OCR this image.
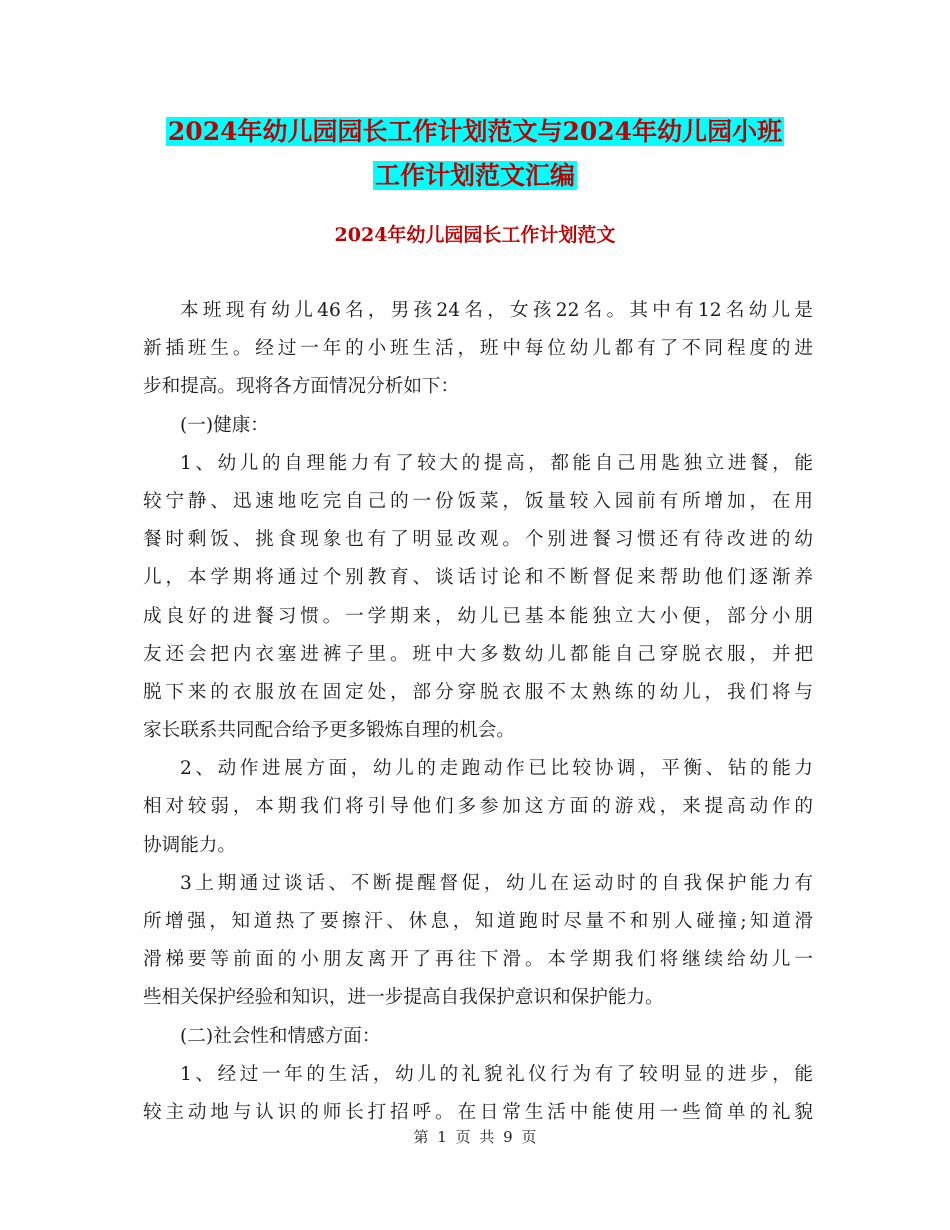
2024年幼儿园园长工作计划范文与2024年幼儿园小班
工作计划范文汇编
2024年幼儿园园长工作计划范文
本班现有幼儿46名，男孩24名，女孩22名。其中有12名幼儿是
新插班生。经过一年的小班生活，班中每位幼儿都有了不同程度的进
步和提高。现将各方面情况分析如下：
(一)健康：
1、幼儿的自理能力有了较大的提高，都能自己用匙独立进餐，能
较宁静、迅速地吃完自己的一份饭菜，饭量较入园前有所增加，在用
餐时剩饭、挑食现象也有了明显改观。个别进餐习惯还有待改进的幼
儿，本学期将通过个别教育、谈话讨论和不断督促来帮助他们逐渐养
成良好的进餐习惯。一学期来，幼儿已基本能独立大小便，部分小朋
友还会把内衣塞进裤子里。班中大多数幼儿都能自己穿脱衣服，并把
脱下来的衣服放在固定处，部分穿脱衣服不太熟练的幼儿，我们将与
家长联系共同配合给予更多锻炼自理的机会。
2、动作进展方面，幼儿的走跑动作已比较协调，平衡、钻的能力
相对较弱，本期我们将引导他们多参加这方面的游戏，来提高动作的
协调能力。
3上期通过谈话、不断提醒督促，幼儿在运动时的自我保护能力有
所增强，知道热了要擦汗、休息，知道跑时尽量不和别人碰撞;知道滑
滑梯要等前面的小朋友离开了再往下滑。本学期我们将继续给幼儿一
些相关保护经验和知识，进一步提高自我保护意识和保护能力。
(二)社会性和情感方面：
1、经过一年的生活，幼儿的礼貌礼仪行为有了较明显的进步，能
较主动地与认识的师长打招呼。在日常生活中能使用一些简单的礼貌
第 1 页 共 9 页
